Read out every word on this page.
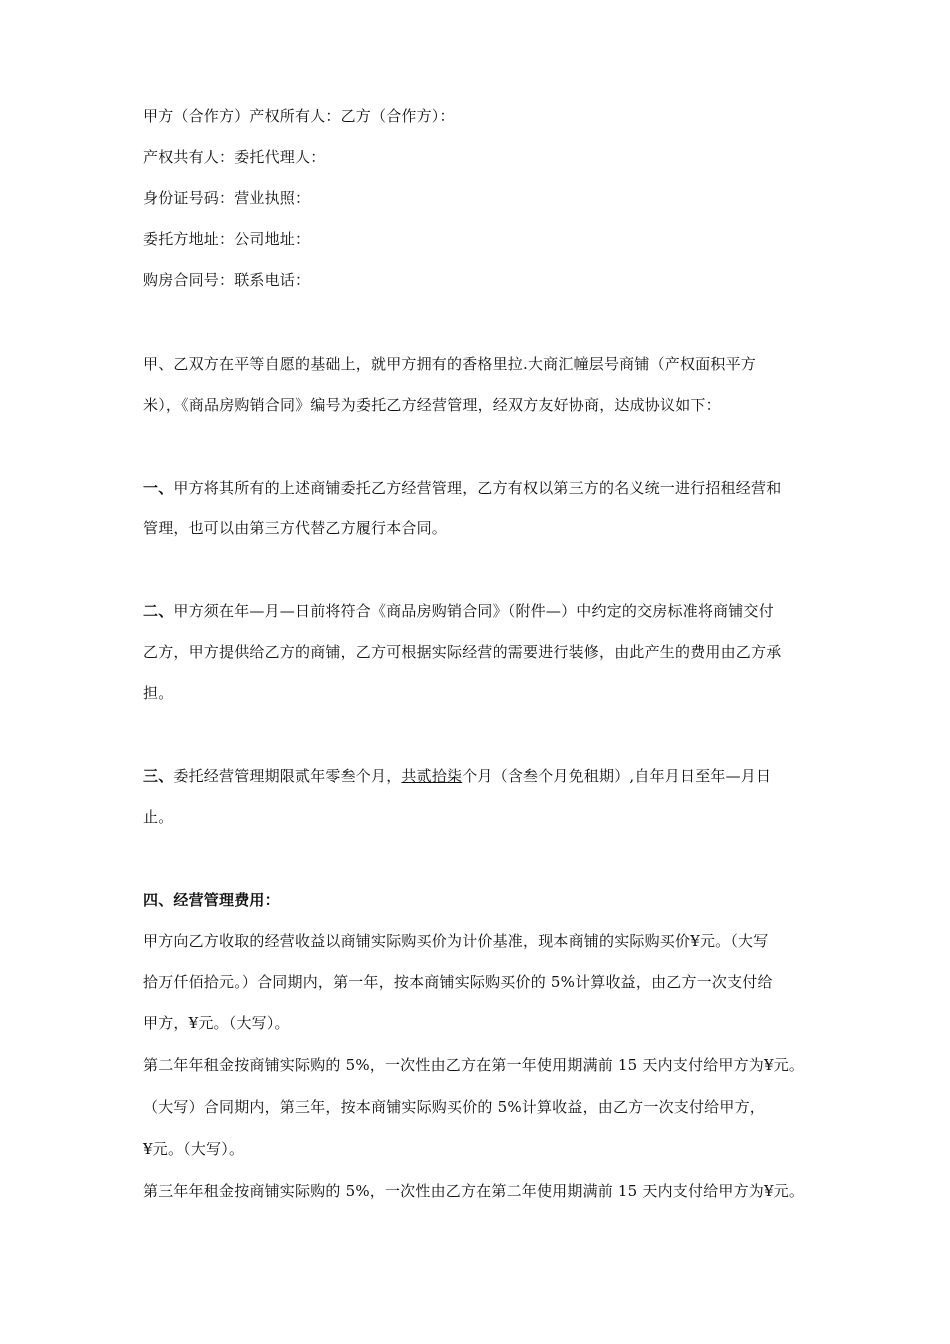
甲方（合作方）产权所有人：乙方（合作方）：
产权共有人：委托代理人：
身份证号码：营业执照：
委托方地址：公司地址：
购房合同号：联系电话：
甲、乙双方在平等自愿的基础上，就甲方拥有的香格里拉.大商汇幢层号商铺（产权面积平方
米），《商品房购销合同》编号为委托乙方经营管理，经双方友好协商，达成协议如下：
一、甲方将其所有的上述商铺委托乙方经营管理，乙方有权以第三方的名义统一进行招租经营和
管理，也可以由第三方代替乙方履行本合同。
二、甲方须在年—月—日前将符合《商品房购销合同》（附件—）中约定的交房标准将商铺交付
乙方，甲方提供给乙方的商铺，乙方可根据实际经营的需要进行装修，由此产生的费用由乙方承
担。
三、委托经营管理期限贰年零叁个月，共贰拾柒个月（含叁个月免租期）,自年月日至年—月日
止。
四、经营管理费用：
甲方向乙方收取的经营收益以商铺实际购买价为计价基准，现本商铺的实际购买价¥元。（大写
拾万仟佰拾元。）合同期内，第一年，按本商铺实际购买价的 5%计算收益，由乙方一次支付给
甲方，¥元。（大写）。
第二年年租金按商铺实际购的 5%，一次性由乙方在第一年使用期满前 15 天内支付给甲方为¥元。
（大写）合同期内，第三年，按本商铺实际购买价的 5%计算收益，由乙方一次支付给甲方，
¥元。（大写）。
第三年年租金按商铺实际购的 5%，一次性由乙方在第二年使用期满前 15 天内支付给甲方为¥元。
